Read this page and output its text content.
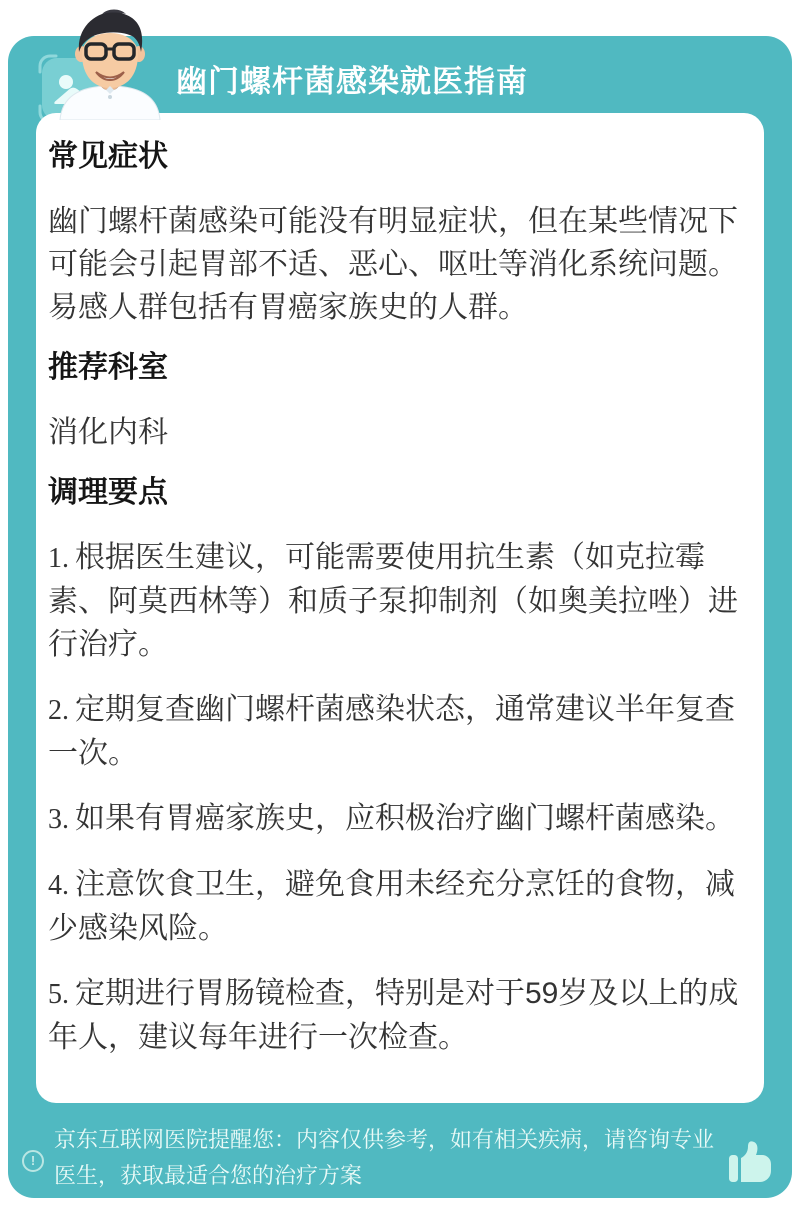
幽门螺杆菌感染就医指南
常见症状

幽门螺杆菌感染可能没有明显症状，但在某些情况下可能会引起胃部不适、恶心、呕吐等消化系统问题。易感人群包括有胃癌家族史的人群。

推荐科室

消化内科

调理要点

1. 根据医生建议，可能需要使用抗生素（如克拉霉素、阿莫西林等）和质子泵抑制剂（如奥美拉唑）进行治疗。

2. 定期复查幽门螺杆菌感染状态，通常建议半年复查一次。

3. 如果有胃癌家族史，应积极治疗幽门螺杆菌感染。

4. 注意饮食卫生，避免食用未经充分烹饪的食物，减少感染风险。

5. 定期进行胃肠镜检查，特别是对于59岁及以上的成年人，建议每年进行一次检查。

!
京东互联网医院提醒您：内容仅供参考，如有相关疾病，请咨询专业医生，获取最适合您的治疗方案
